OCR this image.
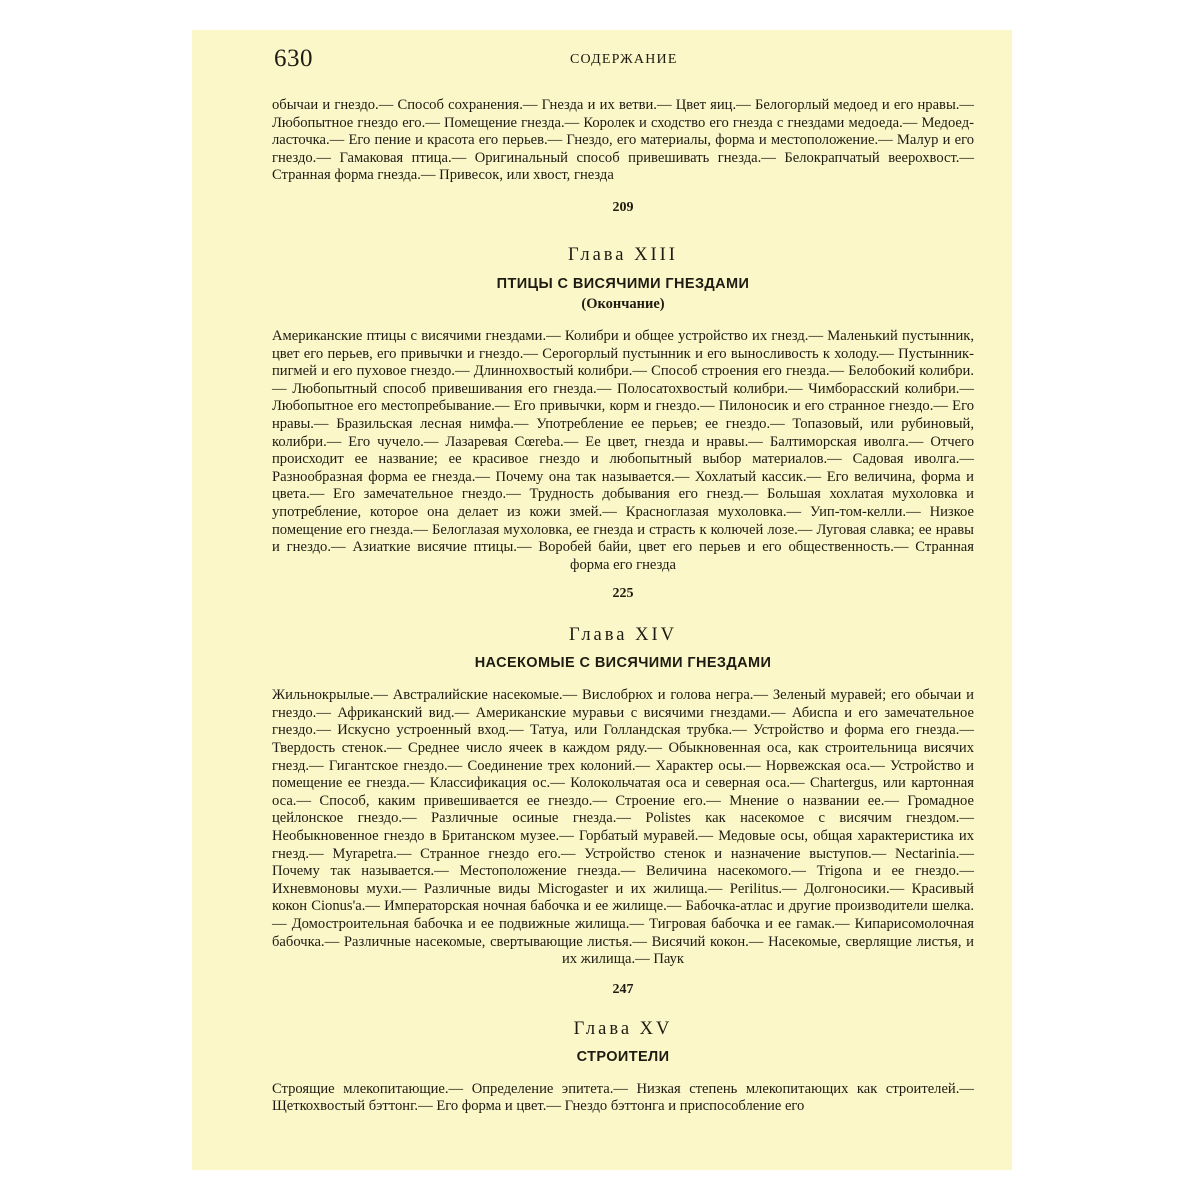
630	СОДЕРЖАНИЕ

обычаи и гнездо.— Способ сохранения.— Гнезда и их ветви.— Цвет яиц.— Белогорлый медоед и его нравы.— Любопытное гнездо его.— Помещение гнезда.— Королек и сходство его гнезда с гнездами медоеда.— Медоед-ласточка.— Его пение и красота его перьев.— Гнездо, его материалы, форма и местоположение.— Малур и его гнездо.— Гамаковая птица.— Оригинальный способ привешивать гнезда.— Белокрапчатый веерохвост.— Странная форма гнезда.— Привесок, или хвост, гнезда

209
Глава XIII
ПТИЦЫ С ВИСЯЧИМИ ГНЕЗДАМИ
(Окончание)

Американские птицы с висячими гнездами.— Колибри и общее устройство их гнезд.— Маленький пустынник, цвет его перьев, его привычки и гнездо.— Серогорлый пустынник и его выносливость к холоду.— Пустынник-пигмей и его пуховое гнездо.— Длиннохвостый колибри.— Способ строения его гнезда.— Белобокий колибри.— Любопытный способ привешивания его гнезда.— Полосатохвостый колибри.— Чимборасский колибри.— Любопытное его местопребывание.— Его привычки, корм и гнездо.— Пилоносик и его странное гнездо.— Его нравы.— Бразильская лесная нимфа.— Употребление ее перьев; ее гнездо.— Топазовый, или рубиновый, колибри.— Его чучело.— Лазаревая Cœreba.— Ее цвет, гнезда и нравы.— Балтиморская иволга.— Отчего происходит ее название; ее красивое гнездо и любопытный выбор материалов.— Садовая иволга.— Разнообразная форма ее гнезда.— Почему она так называется.— Хохлатый кассик.— Его величина, форма и цвета.— Его замечательное гнездо.— Трудность добывания его гнезд.— Большая хохлатая мухоловка и употребление, которое она делает из кожи змей.— Красноглазая мухоловка.— Уип-том-келли.— Низкое помещение его гнезда.— Белоглазая мухоловка, ее гнезда и страсть к колючей лозе.— Луговая славка; ее нравы и гнездо.— Азиаткие висячие птицы.— Воробей байи, цвет его перьев и его общественность.— Странная форма его гнезда

225
Глава XIV
НАСЕКОМЫЕ С ВИСЯЧИМИ ГНЕЗДАМИ

Жильнокрылые.— Австралийские насекомые.— Вислобрюх и голова негра.— Зеленый муравей; его обычаи и гнездо.— Африканский вид.— Американские муравьи с висячими гнездами.— Абиспа и его замечательное гнездо.— Искусно устроенный вход.— Татуа, или Голландская трубка.— Устройство и форма его гнезда.— Твердость стенок.— Среднее число ячеек в каждом ряду.— Обыкновенная оса, как строительница висячих гнезд.— Гигантское гнездо.— Соединение трех колоний.— Характер осы.— Норвежская оса.— Устройство и помещение ее гнезда.— Классификация ос.— Колокольчатая оса и северная оса.— Chartergus, или картонная оса.— Способ, каким привешивается ее гнездо.— Строение его.— Мнение о названии ее.— Громадное цейлонское гнездо.— Различные осиные гнезда.— Polistes как насекомое с висячим гнездом.— Необыкновенное гнездо в Британском музее.— Горбатый муравей.— Медовые осы, общая характеристика их гнезд.— Myrapetra.— Странное гнездо его.— Устройство стенок и назначение выступов.— Nectarinia.— Почему так называется.— Местоположение гнезда.— Величина насекомого.— Trigona и ее гнездо.— Ихневмоновы мухи.— Различные виды Microgaster и их жилища.— Perilitus.— Долгоносики.— Красивый кокон Cionus'a.— Императорская ночная бабочка и ее жилище.— Бабочка-атлас и другие производители шелка.— Домостроительная бабочка и ее подвижные жилища.— Тигровая бабочка и ее гамак.— Кипарисомолочная бабочка.— Различные насекомые, свертывающие листья.— Висячий кокон.— Насекомые, сверлящие листья, и их жилища.— Паук

247
Глава XV
СТРОИТЕЛИ

Строящие млекопитающие.— Определение эпитета.— Низкая степень млекопитающих как строителей.— Щеткохвостый бэттонг.— Его форма и цвет.— Гнездо бэттонга и приспособление его
